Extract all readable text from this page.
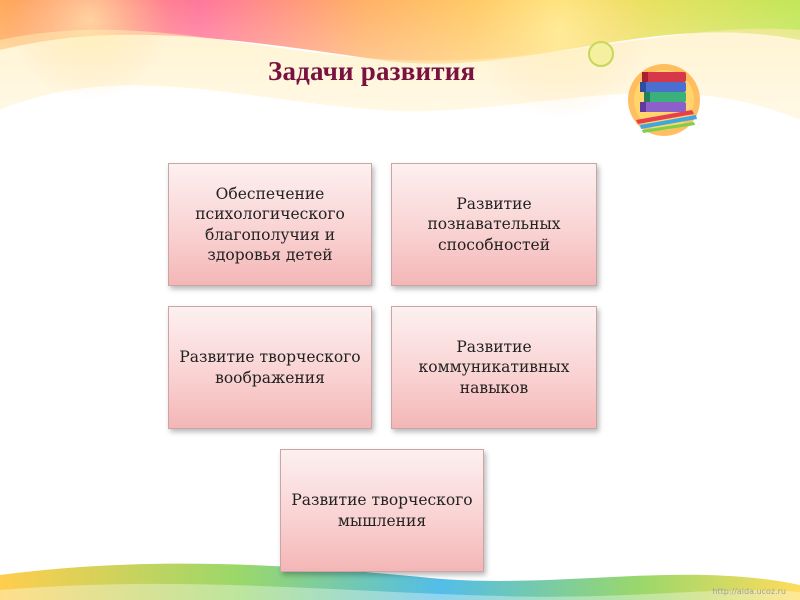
Задачи развития
Обеспечение психологического благополучия и здоровья детей
Развитие познавательных способностей
Развитие творческого воображения
Развитие коммуникативных навыков
Развитие творческого мышления
http://aida.ucoz.ru
